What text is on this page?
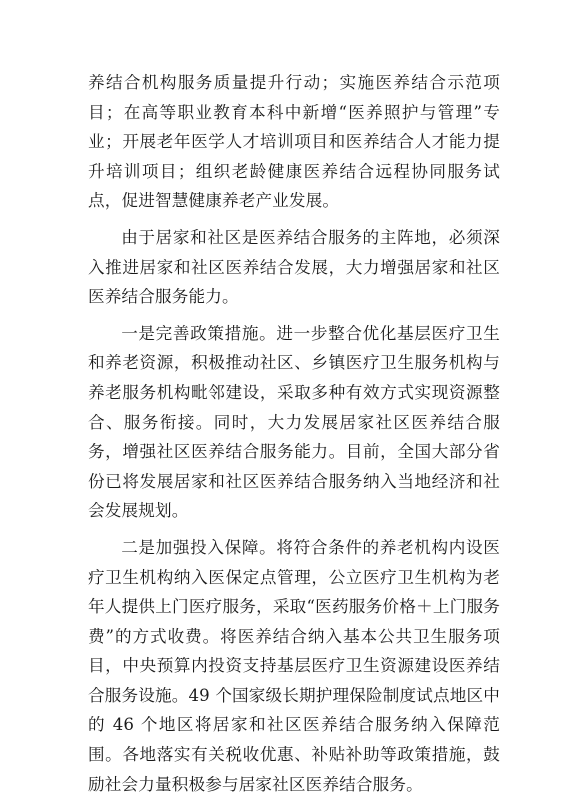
养结合机构服务质量提升行动；实施医养结合示范项目；在高等职业教育本科中新增“医养照护与管理”专业；开展老年医学人才培训项目和医养结合人才能力提升培训项目；组织老龄健康医养结合远程协同服务试点，促进智慧健康养老产业发展。

由于居家和社区是医养结合服务的主阵地，必须深入推进居家和社区医养结合发展，大力增强居家和社区医养结合服务能力。

一是完善政策措施。进一步整合优化基层医疗卫生和养老资源，积极推动社区、乡镇医疗卫生服务机构与养老服务机构毗邻建设，采取多种有效方式实现资源整合、服务衔接。同时，大力发展居家社区医养结合服务，增强社区医养结合服务能力。目前，全国大部分省份已将发展居家和社区医养结合服务纳入当地经济和社会发展规划。

二是加强投入保障。将符合条件的养老机构内设医疗卫生机构纳入医保定点管理，公立医疗卫生机构为老年人提供上门医疗服务，采取“医药服务价格＋上门服务费”的方式收费。将医养结合纳入基本公共卫生服务项目，中央预算内投资支持基层医疗卫生资源建设医养结合服务设施。49 个国家级长期护理保险制度试点地区中的 46 个地区将居家和社区医养结合服务纳入保障范围。各地落实有关税收优惠、补贴补助等政策措施，鼓励社会力量积极参与居家社区医养结合服务。
